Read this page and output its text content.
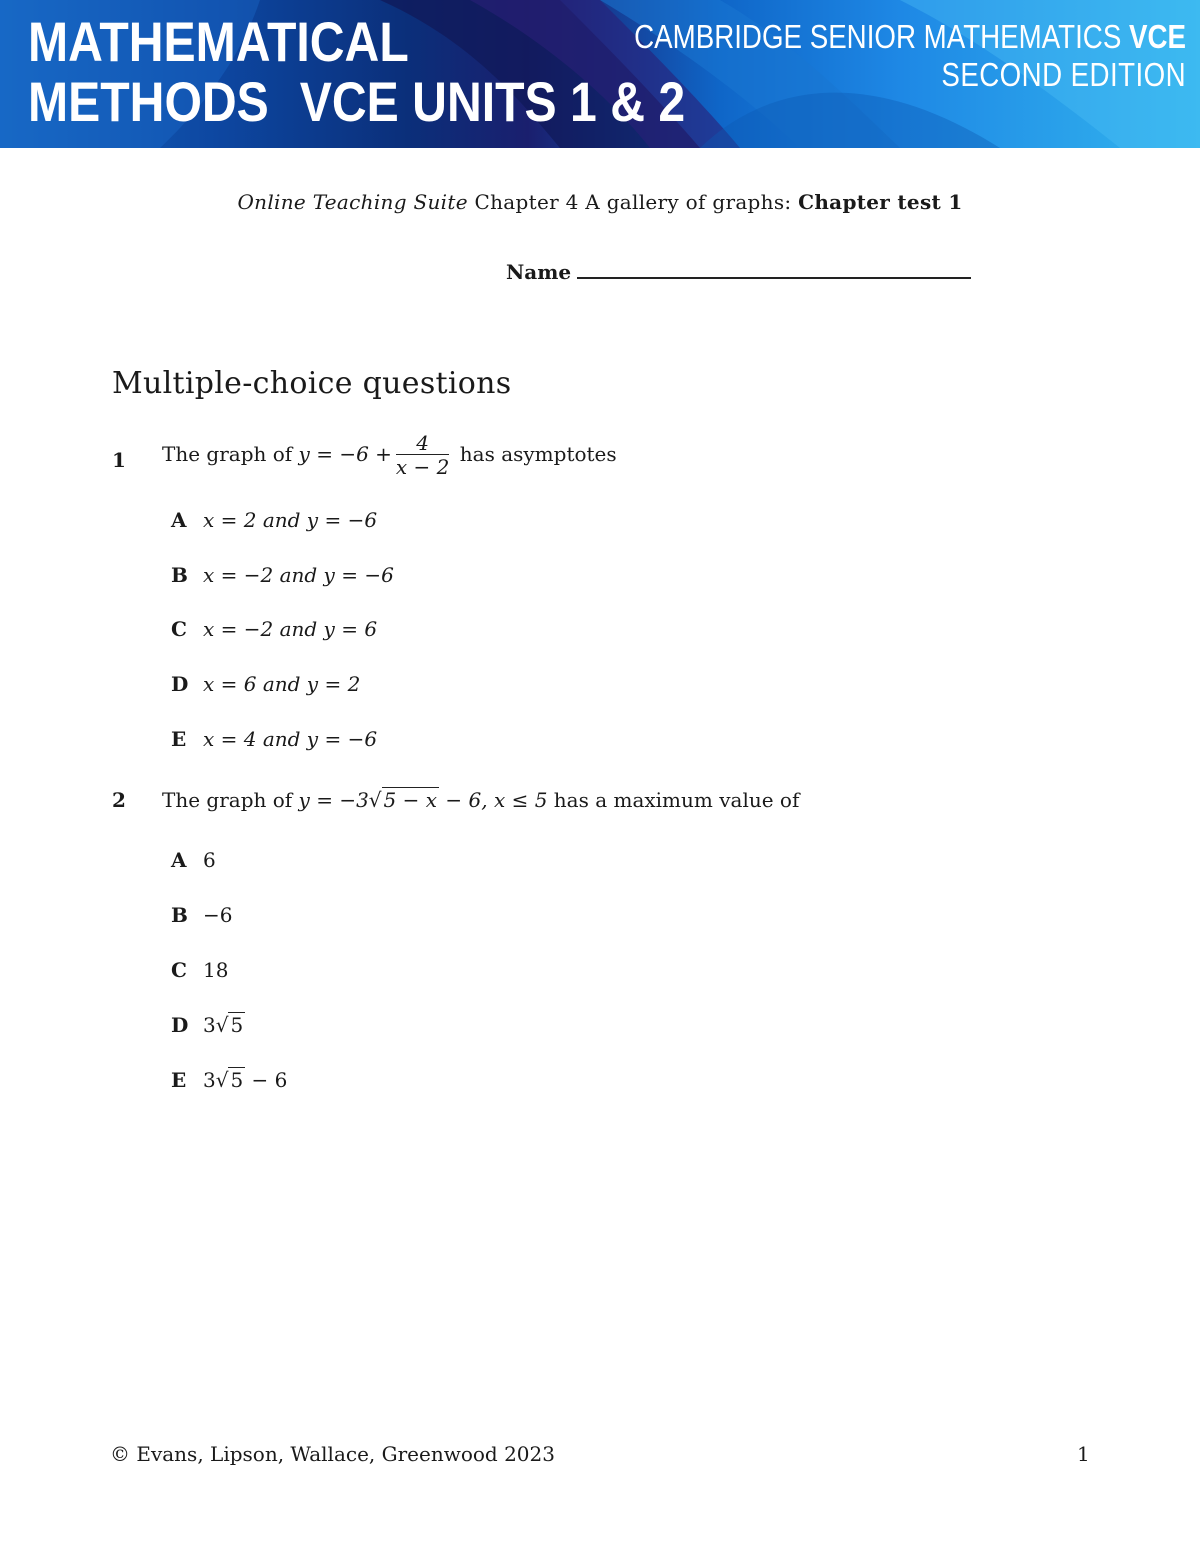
MATHEMATICAL
METHODS VCE UNITS 1 & 2
CAMBRIDGE SENIOR MATHEMATICS VCE
SECOND EDITION
Online Teaching Suite Chapter 4 A gallery of graphs: Chapter test 1
Name
Multiple-choice questions
1 The graph of $y = -6 + \frac{4}{x - 2}$ has asymptotes
A x = 2 and y = −6
B x = −2 and y = −6
C x = −2 and y = 6
D x = 6 and y = 2
E x = 4 and y = −6
2 The graph of y = −3√ 5 − x − 6, x ≤ 5 has a maximum value of
A 6
B −6
C 18
D 3√ 5
E 3√ 5 − 6
© Evans, Lipson, Wallace, Greenwood 2023	1
